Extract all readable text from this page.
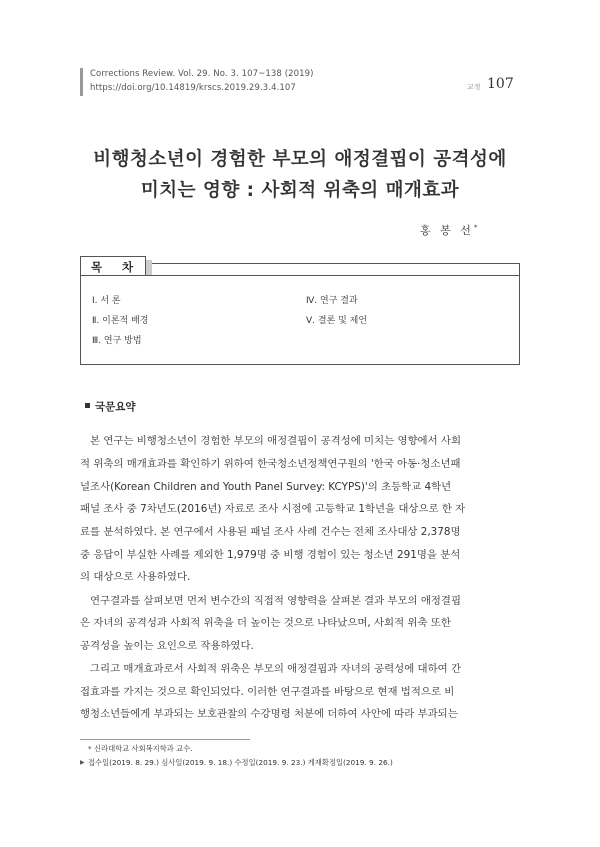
Corrections Review. Vol. 29. No. 3. 107~138 (2019)
https://doi.org/10.14819/krscs.2019.29.3.4.107	교정 107
비행청소년이 경험한 부모의 애정결핍이 공격성에
미치는 영향 : 사회적 위축의 매개효과
홍 봉 선*
목 차
Ⅰ. 서 론
Ⅱ. 이론적 배경
Ⅲ. 연구 방법
Ⅳ. 연구 결과
Ⅴ. 결론 및 제언
국문요약
본 연구는 비행청소년이 경험한 부모의 애정결핍이 공격성에 미치는 영향에서 사회
적 위축의 매개효과를 확인하기 위하여 한국청소년정책연구원의 '한국 아동·청소년패
널조사(Korean Children and Youth Panel Survey: KCYPS)'의 초등학교 4학년
패널 조사 중 7차년도(2016년) 자료로 조사 시점에 고등학교 1학년을 대상으로 한 자
료를 분석하였다. 본 연구에서 사용된 패널 조사 사례 건수는 전체 조사대상 2,378명
중 응답이 부실한 사례를 제외한 1,979명 중 비행 경험이 있는 청소년 291명을 분석
의 대상으로 사용하였다.
연구결과를 살펴보면 먼저 변수간의 직접적 영향력을 살펴본 결과 부모의 애정결핍
은 자녀의 공격성과 사회적 위축을 더 높이는 것으로 나타났으며, 사회적 위축 또한
공격성을 높이는 요인으로 작용하였다.
그리고 매개효과로서 사회적 위축은 부모의 애정결핍과 자녀의 공력성에 대하여 간
접효과를 가지는 것으로 확인되었다. 이러한 연구결과를 바탕으로 현재 법적으로 비
행청소년들에게 부과되는 보호관찰의 수강명령 처분에 더하여 사안에 따라 부과되는
* 신라대학교 사회복지학과 교수.
▶ 접수일(2019. 8. 29.) 심사일(2019. 9. 18.) 수정일(2019. 9. 23.) 게재확정일(2019. 9. 26.)
